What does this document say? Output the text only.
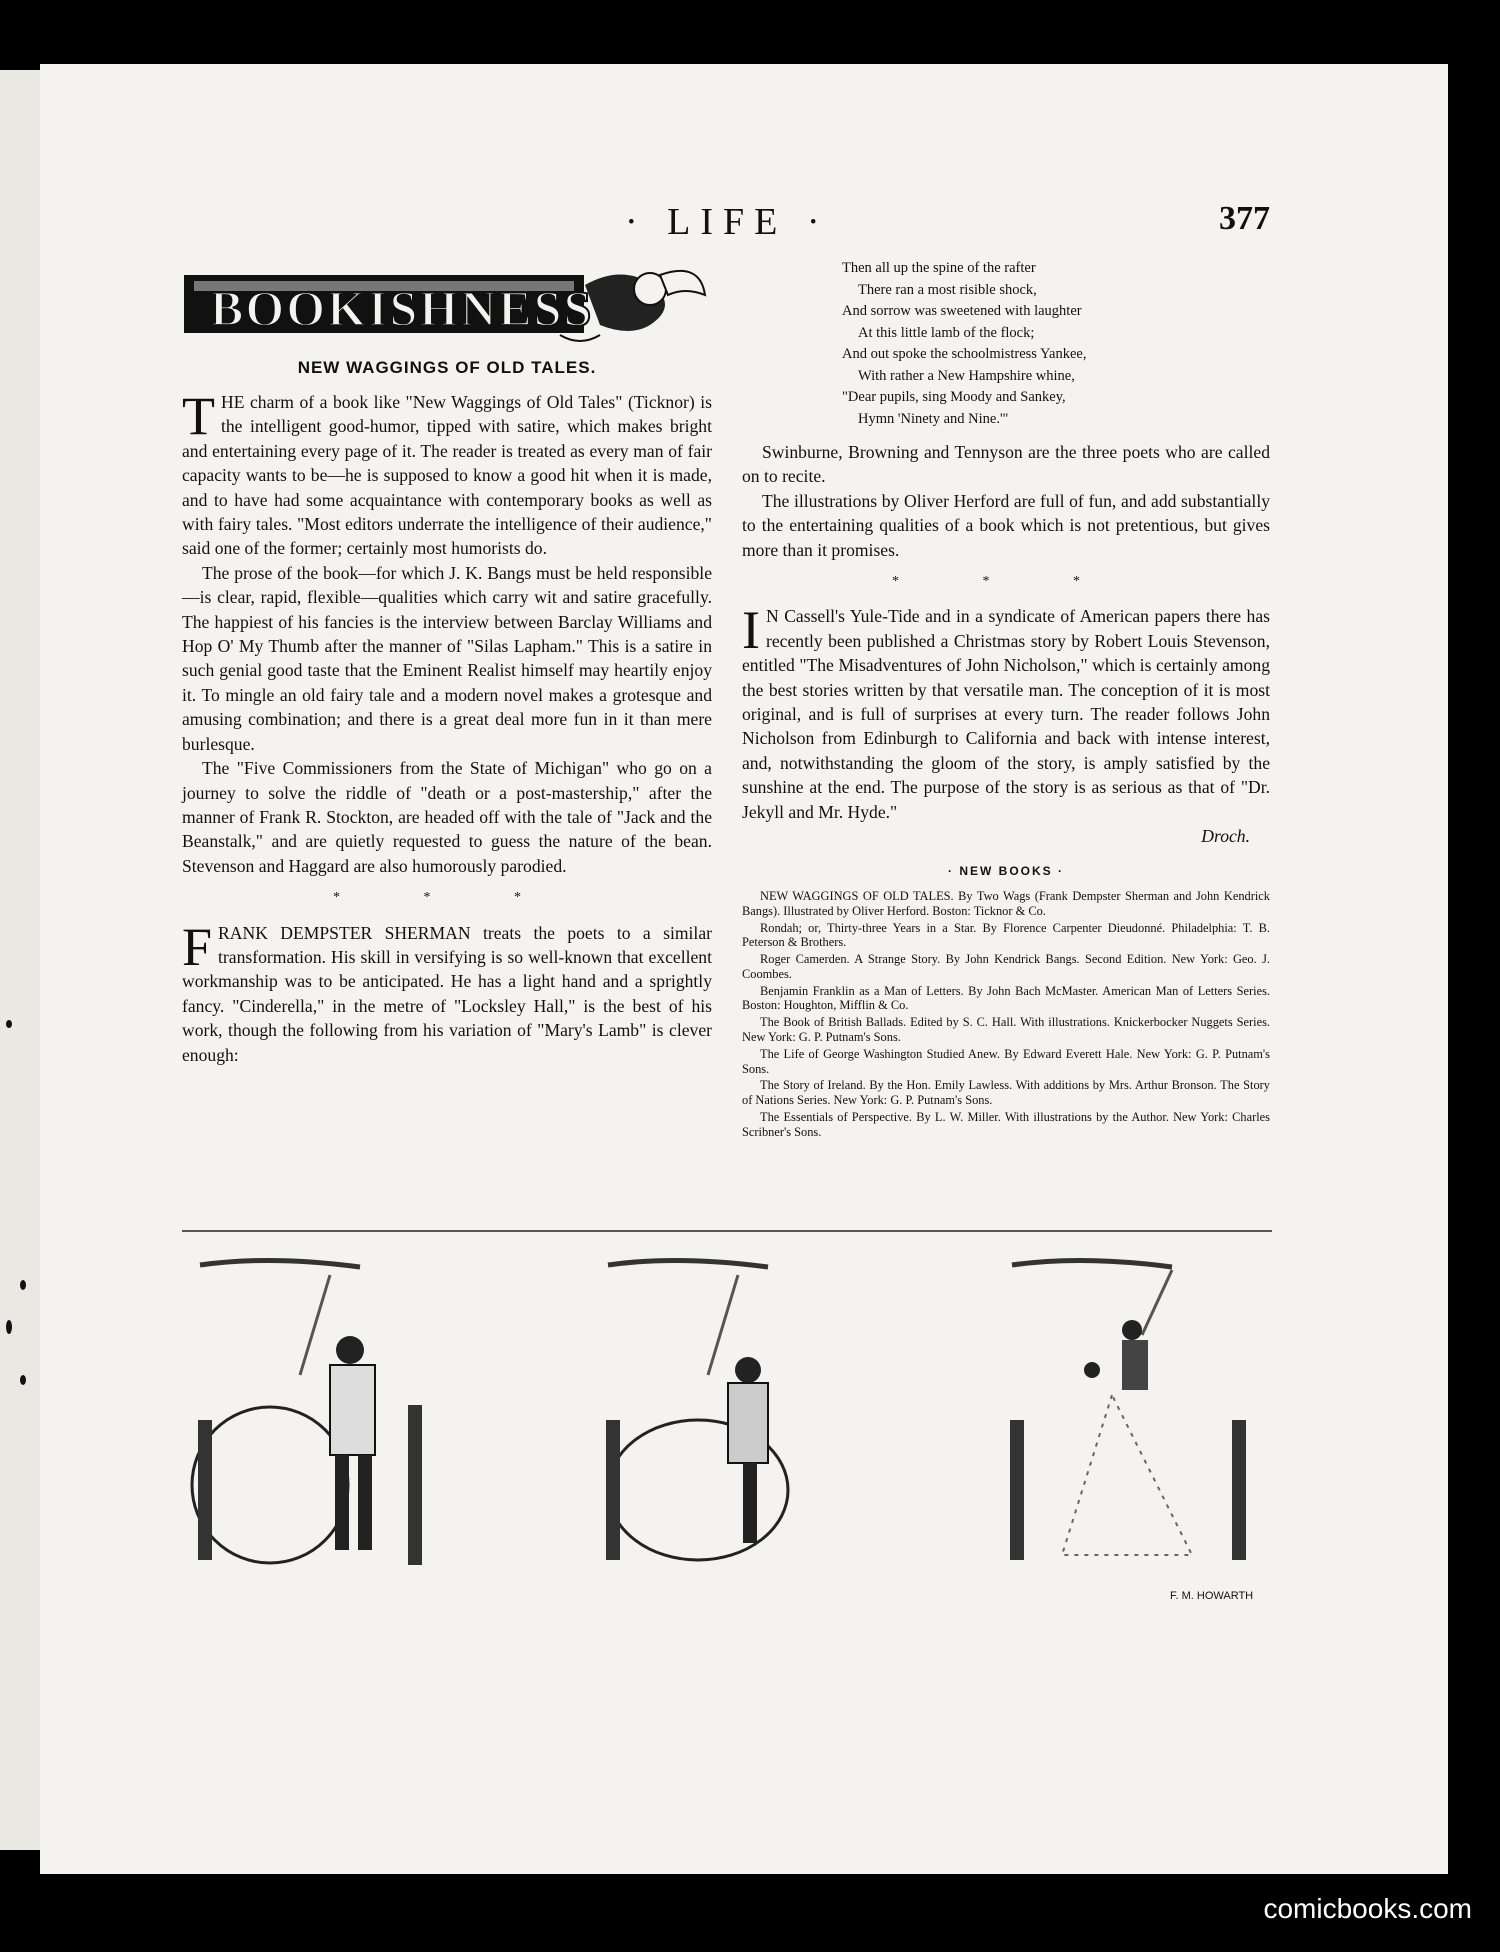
· LIFE ·	377
BOOKISHNESS
NEW WAGGINGS OF OLD TALES.

THE charm of a book like "New Waggings of Old Tales" (Ticknor) is the intelligent good-humor, tipped with satire, which makes bright and entertaining every page of it. The reader is treated as every man of fair capacity wants to be—he is supposed to know a good hit when it is made, and to have had some acquaintance with contemporary books as well as with fairy tales. "Most editors underrate the intelligence of their audience," said one of the former; certainly most humorists do.

The prose of the book—for which J. K. Bangs must be held responsible—is clear, rapid, flexible—qualities which carry wit and satire gracefully. The happiest of his fancies is the interview between Barclay Williams and Hop O' My Thumb after the manner of "Silas Lapham." This is a satire in such genial good taste that the Eminent Realist himself may heartily enjoy it. To mingle an old fairy tale and a modern novel makes a grotesque and amusing combination; and there is a great deal more fun in it than mere burlesque.

The "Five Commissioners from the State of Michigan" who go on a journey to solve the riddle of "death or a post-mastership," after the manner of Frank R. Stockton, are headed off with the tale of "Jack and the Beanstalk," and are quietly requested to guess the nature of the bean. Stevenson and Haggard are also humorously parodied.

* * *

FRANK DEMPSTER SHERMAN treats the poets to a similar transformation. His skill in versifying is so well-known that excellent workmanship was to be anticipated. He has a light hand and a sprightly fancy. "Cinderella," in the metre of "Locksley Hall," is the best of his work, though the following from his variation of "Mary's Lamb" is clever enough:

Then all up the spine of the rafter
There ran a most risible shock,
And sorrow was sweetened with laughter
At this little lamb of the flock;
And out spoke the schoolmistress Yankee,
With rather a New Hampshire whine,
"Dear pupils, sing Moody and Sankey,
Hymn 'Ninety and Nine.'"

Swinburne, Browning and Tennyson are the three poets who are called on to recite.

The illustrations by Oliver Herford are full of fun, and add substantially to the entertaining qualities of a book which is not pretentious, but gives more than it promises.

* * *

I N Cassell's Yule-Tide and in a syndicate of American papers there has recently been published a Christmas story by Robert Louis Stevenson, entitled "The Misadventures of John Nicholson," which is certainly among the best stories written by that versatile man. The conception of it is most original, and is full of surprises at every turn. The reader follows John Nicholson from Edinburgh to California and back with intense interest, and, notwithstanding the gloom of the story, is amply satisfied by the sunshine at the end. The purpose of the story is as serious as that of "Dr. Jekyll and Mr. Hyde."

Droch.
· NEW BOOKS ·

NEW WAGGINGS OF OLD TALES. By Two Wags (Frank Dempster Sherman and John Kendrick Bangs). Illustrated by Oliver Herford. Boston: Ticknor & Co.

Rondah; or, Thirty-three Years in a Star. By Florence Carpenter Dieudonné. Philadelphia: T. B. Peterson & Brothers.

Roger Camerden. A Strange Story. By John Kendrick Bangs. Second Edition. New York: Geo. J. Coombes.

Benjamin Franklin as a Man of Letters. By John Bach McMaster. American Man of Letters Series. Boston: Houghton, Mifflin & Co.

The Book of British Ballads. Edited by S. C. Hall. With illustrations. Knickerbocker Nuggets Series. New York: G. P. Putnam's Sons.

The Life of George Washington Studied Anew. By Edward Everett Hale. New York: G. P. Putnam's Sons.

The Story of Ireland. By the Hon. Emily Lawless. With additions by Mrs. Arthur Bronson. The Story of Nations Series. New York: G. P. Putnam's Sons.

The Essentials of Perspective. By L. W. Miller. With illustrations by the Author. New York: Charles Scribner's Sons.

F. M. HOWARTH
comicbooks.com
